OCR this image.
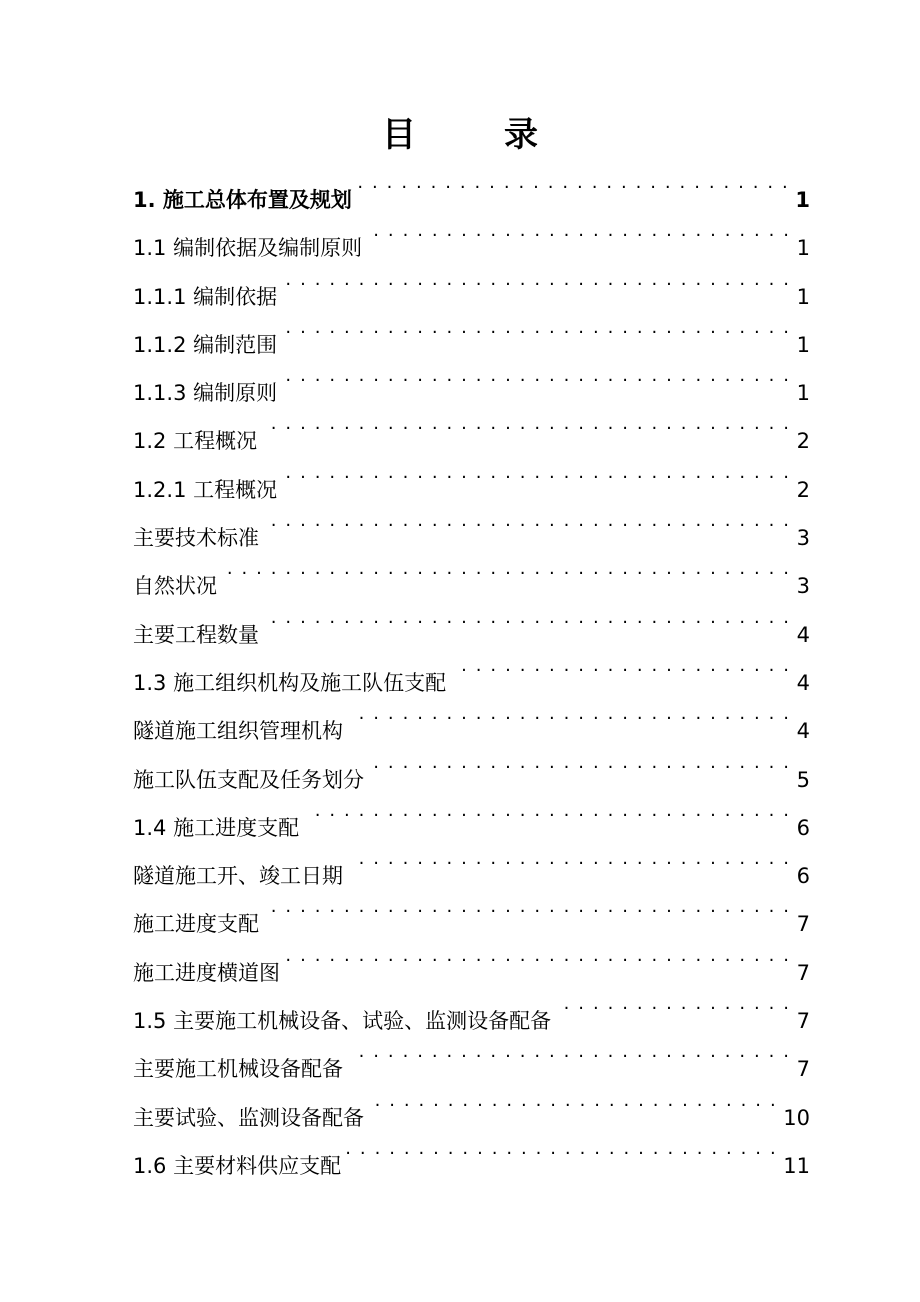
目	录
1. 施工总体布置及规划 . . .	1
1.1 编制依据及编制原则 . . .	1
1.1.1 编制依据 . . .	1
1.1.2 编制范围 . . .	1
1.1.3 编制原则 . . .	1
1.2 工程概况 . . .	2
1.2.1 工程概况 . . .	2
主要技术标准 . . .	3
自然状况 . . .	3
主要工程数量 . . .	4
1.3 施工组织机构及施工队伍支配 . . .	4
隧道施工组织管理机构 . . .	4
施工队伍支配及任务划分 . . .	5
1.4 施工进度支配 . . .	6
隧道施工开、竣工日期 . . .	6
施工进度支配 . . .	7
施工进度横道图 . . .	7
1.5 主要施工机械设备、试验、监测设备配备 . . .	7
主要施工机械设备配备 . . .	7
主要试验、监测设备配备 . . .	10
1.6 主要材料供应支配 . . .	11
